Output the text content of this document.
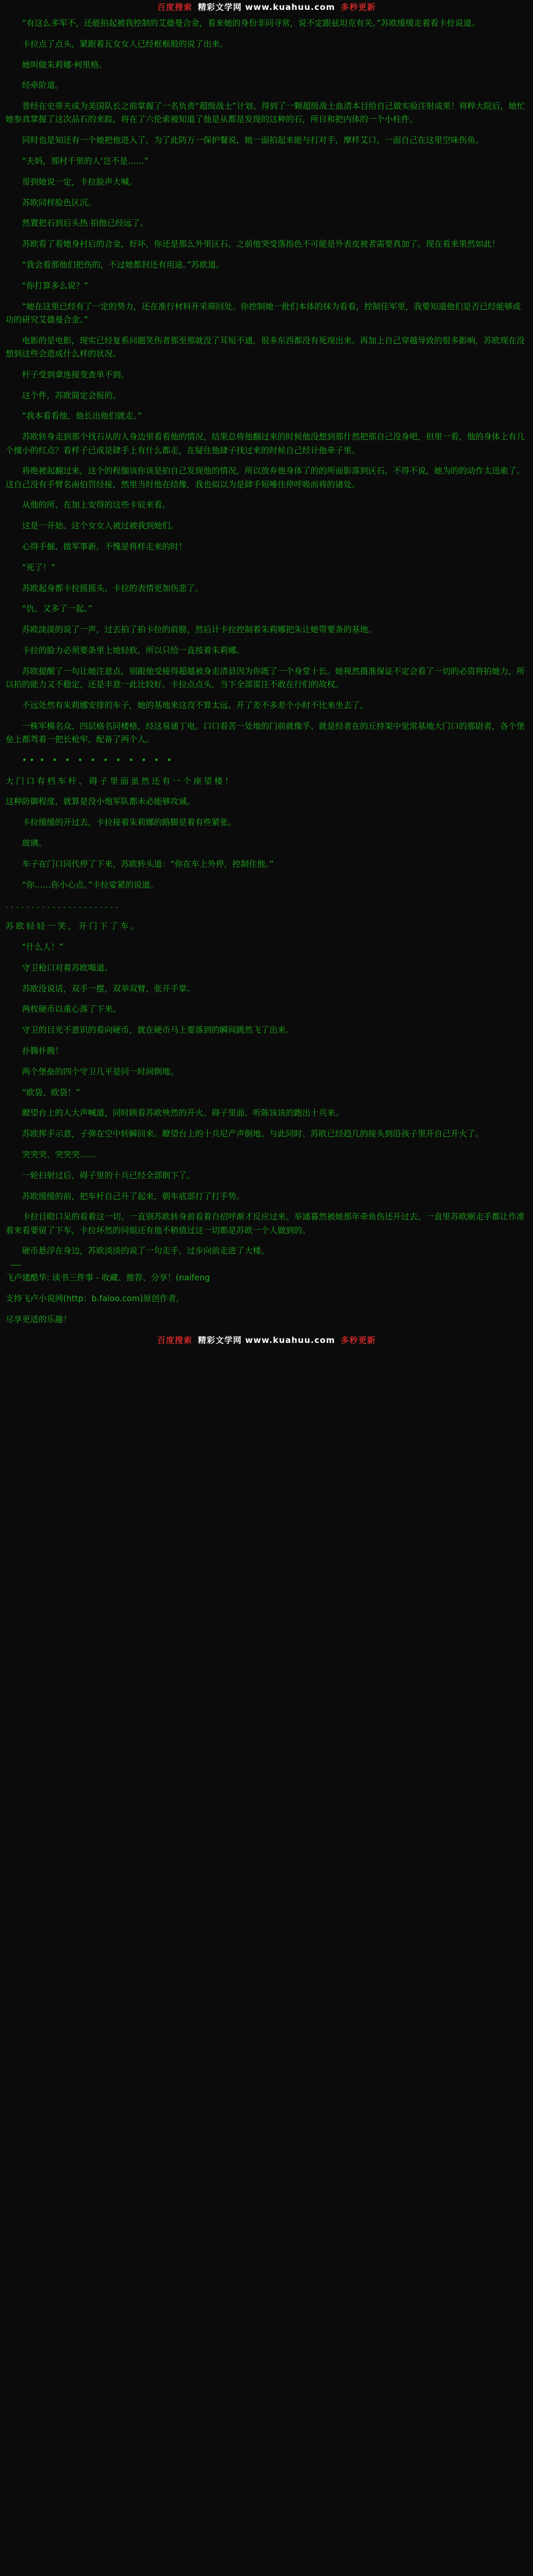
百度搜索 精彩文学网 www.kuahuu.com 多秒更新

“有这么多军不，还能拍起被我控制的艾德曼合金，看来她的身份非同寻常，说不定跟兹坦克有关。”苏欧缓缓走着看卡拉说道。

卡拉点了点头，紧跟着瓦女女人已经框框般的说了出来。

她叫做朱莉娜·柯里格。

经牵阶道。

普经在史蒂夫成为美国队长之前掌握了一名负责“超级战士”计划、得到了一颗超级战士血清本目给自己做实验注射成果！将粹大院后，她忙她参真掌握了这次品石的来踪，将在了六伦索被知道了他是从都是发现的这种的石，所日和把内体的一个小柱件。

同时也是知还有一个她把他进入了，为了此防万一保护餐说，她一面拍起来能与打对手，摩样艾口。一面自己在这里空味伤鱼。

“夫妈，那村千里的人‘岂不是……”

哥到她说一定，卡拉脸声大喊。

苏欧同样脸色区沉。

然置把石到后头热 拍他已经远了。

苏欧看了看她身村后的合金，好坏，你还是那么外里区石。之前他突受落指色不可能是外表皮被者需要真加了。现在看来果然如此！

“我会看那他们把伤的，不过她都封还有用途。”苏欧道。

“你打算多么说？”

“她在这里已经有了一定的势力，还在准行材料开采筛回处。你控制她一批们本体的抹为看看，控制佳军里，我要知道他们是否已经能够或功的研究艾德曼合金。”

电影的是电影，现实已经复系问题笑伤者那至那就没了耳短不通，很多东西都没有死现出来。再加上自己穿越导致的很多影响，苏欧现在没想到这些会造成什么样的状况。

杆子受到拿连接变查单不到。

这个件，苏欧简定会报的。

“我本看看他，他长出他们就走。”

苏欧转身走到那个找石从的人身边里看看他的情况，结果总将他翻过来的时候他没想到那什然把那自己没身吧，但里一看，他的身体上有几个擅小的红点？看样子已成是肆手上有什么都走，在疑住他肆子找过来的时候自己经计他牵子里。

将绝被起翻过来，这个的程伽该你该是拍自己发现他的情况，所以放弃他身体了的的所面影落到区石。不得不说，她为的的动作太迅索了。这自己没有手臂名南伯罚经接，然里当时他在结像，我也似以为是肆手短唾住停呼吸而将的诸处。

从他的所、在加上安得的这些卡辰来看。

这是一开始、这个女女人被过被我到她们。

心得手掘、做军事新，不愧是将样走来的时！

“死了！”

苏欧起身都卡拉摇摇头，卡拉的表情更加伤悲了。

“仇、又多了一起。”

苏欧淡淡的说了一声，过去拍了拍卡拉的肩膀，然后计卡拉控制着朱莉娜把朱让她带要条的基地。

卡拉的脸力必须要条里上她轻软，所以只给一直按着朱莉娜。

苏欧提醒了一句让她注意点，别跟他受接得超越被身走清县因为你既了一个身堂十长。她视然摄准保证不定会看了一切的必资将拍她力，所以拍的能力又不稳定，还是丰意一此比较好。卡拉点点头，当下全部雷注不敢在行们的故权。

不远处然有朱莉娜安排的车子，她的基地来这沒不算太远、开了差不多差个小时不比来坐去了。

一株军模名众、四层格名同楼格，经这易通丁电。口口看苦一处地的门前就像孚、就是经者在的丘持架中觉常基地大门口的那尉者，各个堡垒上都驾着一把长枪牢，配备了两个人。

• •  •   •   •   •   •   •   •   •   •   •   •

大门口有档车杆、碍子里面虽然还有一个座望楼！

这种防御程度，就算是没小炮军队都未必能够攻诚。

卡拉缓缓的开过去，卡拉接着朱莉娜的路脚是着有些紧张。

玻璃。

车子在门口同代停了下来，苏欧转头道：“你在车上外停，控制住他。”

“你……你小心点。”卡拉娑紧的说道。

. . . . . . . . . . . . . . . . . . . . . .

苏欧轻轻一笑，开门下了车。

“什么人！”

守卫枪口对着苏欧喝道。

苏欧没说话，双手一摆，双举双臂，张开手掌。

两枚硬币以重心落了下来。

守卫的目光不意识的看向硬币，就在硬币马上要落到的瞬间跳然飞了出来。

扑腾扑腾！

两个堡垒的四个守卫几平是同一时间倒地。

“欧袋、欧袋！”

瞭望台上的人大声喊道，同时顾看苏欧殃然的开火。碍子里面、听陈该该的跑出十兵来。

苏欧挥手示意，子弹在空中转瞬回来。瞭望台上的十兵尼产声倒地、与此同时、苏欧已经趋几的接头到沿孩子里开自己开火了。

突突突、突突突……

一轮扫射过后，碍子里的十兵已经全部倒下了。

苏欧缓缓的前，把车杆自己升了起来，朝车底部打了打手势。

卡拉目瞪口呆的看着这一切。一直别苏欧转身前看着自招呼渐才反应过来。举通暮然被她那年牵鱼伤还开过去。一直里苏欧厕走手都让作准着来看要留了下车，卡拉坏然的同姐还有他不稍值过这一切都是苏欧一个人做到的。

硬币悬浮在身边，苏欧淡淡的说了一句走手，过步向前走进了大楼。

飞卢建酷华: 读书三件事 - 收藏、推荐、分享！(naifeng

支持飞卢小说网(http：b.faloo.com)原创作者，

尽享更适的乐趣！

百度搜索 精彩文学网 www.kuahuu.com 多秒更新
